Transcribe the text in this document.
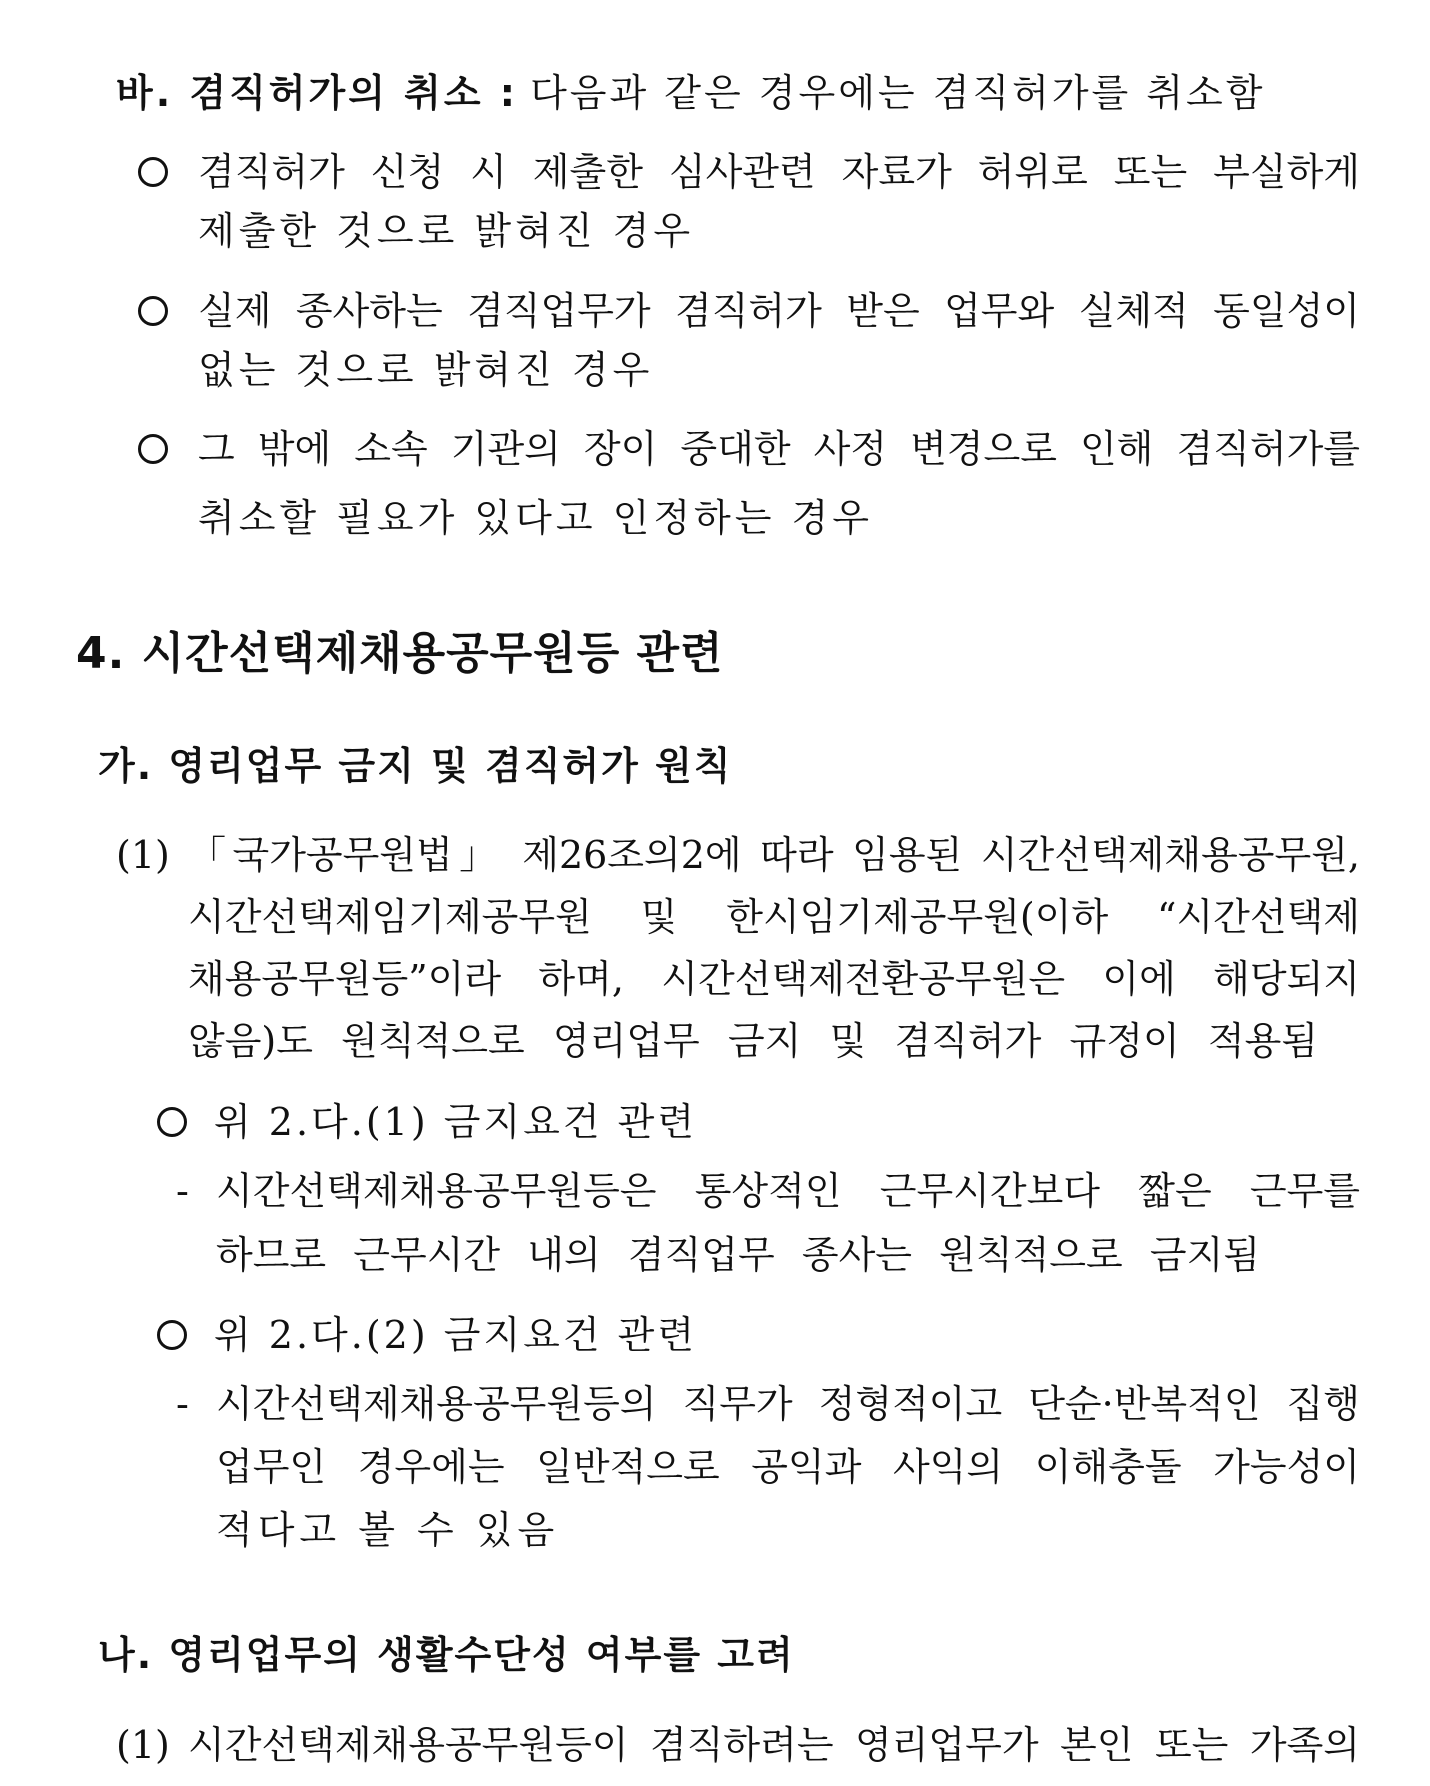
바. 겸직허가의 취소 : 다음과 같은 경우에는 겸직허가를 취소함
겸직허가 신청 시 제출한 심사관련 자료가 허위로 또는 부실하게
제출한 것으로 밝혀진 경우
실제 종사하는 겸직업무가 겸직허가 받은 업무와 실체적 동일성이
없는 것으로 밝혀진 경우
그 밖에 소속 기관의 장이 중대한 사정 변경으로 인해 겸직허가를
취소할 필요가 있다고 인정하는 경우
4. 시간선택제채용공무원등 관련
가. 영리업무 금지 및 겸직허가 원칙
(1) 「국가공무원법」 제26조의2에 따라 임용된 시간선택제채용공무원,
시간선택제임기제공무원 및 한시임기제공무원(이하 “시간선택제
채용공무원등”이라 하며, 시간선택제전환공무원은 이에 해당되지
않음)도 원칙적으로 영리업무 금지 및 겸직허가 규정이 적용됨
위 2.다.(1) 금지요건 관련
- 시간선택제채용공무원등은 통상적인 근무시간보다 짧은 근무를
하므로 근무시간 내의 겸직업무 종사는 원칙적으로 금지됨
위 2.다.(2) 금지요건 관련
- 시간선택제채용공무원등의 직무가 정형적이고 단순·반복적인 집행
업무인 경우에는 일반적으로 공익과 사익의 이해충돌 가능성이
적다고 볼 수 있음
나. 영리업무의 생활수단성 여부를 고려
(1) 시간선택제채용공무원등이 겸직하려는 영리업무가 본인 또는 가족의
